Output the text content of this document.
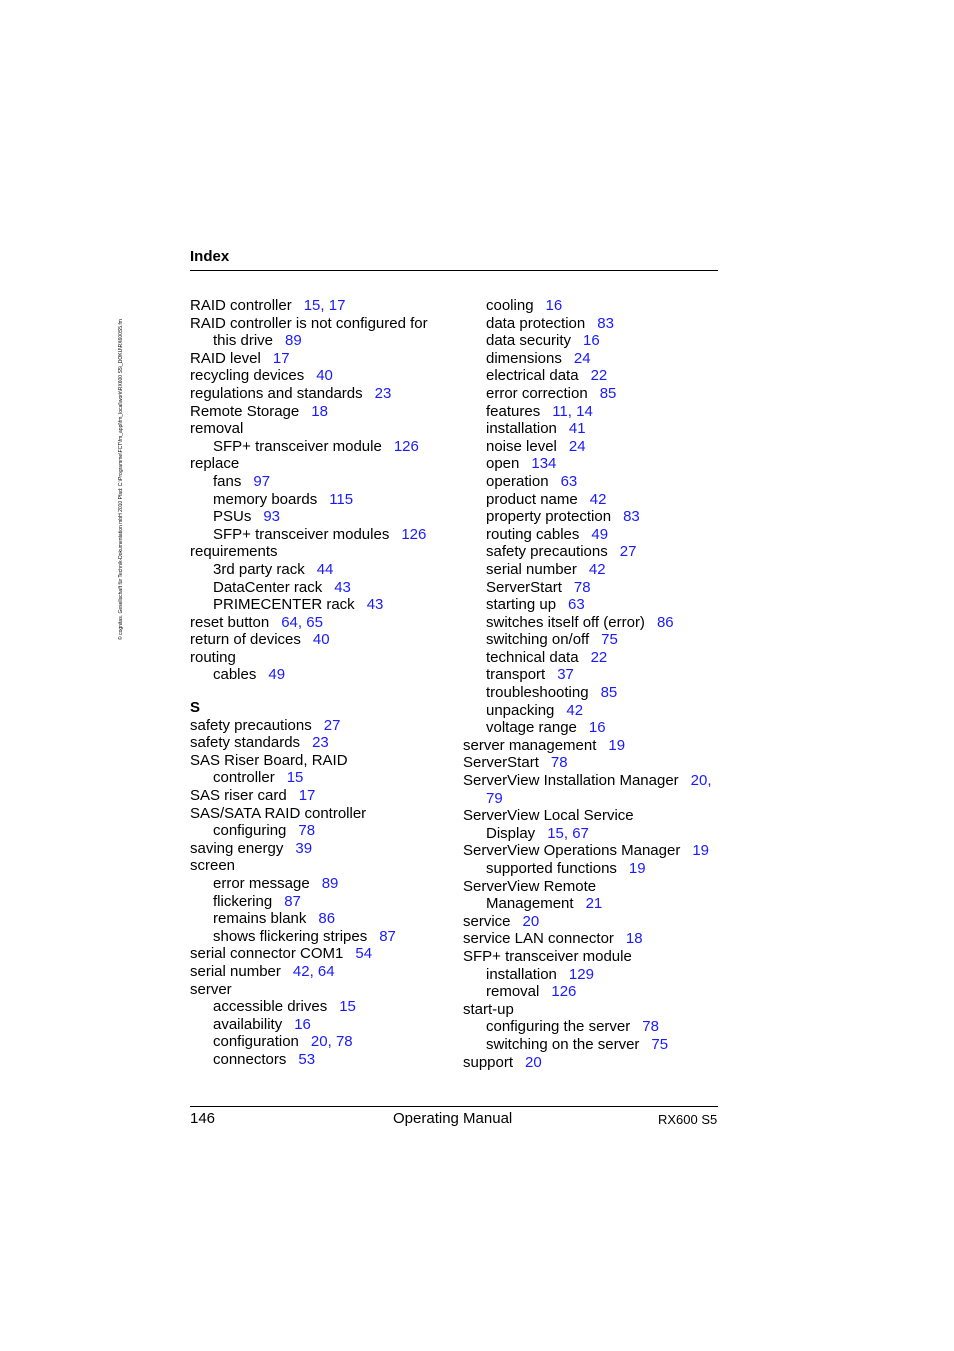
© cognitas. Gesellschaft für Technik-Dokumentation mbH 2010 Pfad: C:\Programme\FCT\fm_appl\fm_local\work\RX600 S5\_DOKU\RX600S5.fm
Index
RAID controller 15 , 17
RAID controller is not configured for
this drive 89
RAID level 17
recycling devices 40
regulations and standards 23
Remote Storage 18
removal
SFP+ transceiver module 126
replace
fans 97
memory boards 115
PSUs 93
SFP+ transceiver modules 126
requirements
3rd party rack 44
DataCenter rack 43
PRIMECENTER rack 43
reset button 64 , 65
return of devices 40
routing
cables 49
S
safety precautions 27
safety standards 23
SAS Riser Board, RAID
controller 15
SAS riser card 17
SAS/SATA RAID controller
configuring 78
saving energy 39
screen
error message 89
flickering 87
remains blank 86
shows flickering stripes 87
serial connector COM1 54
serial number 42 , 64
server
accessible drives 15
availability 16
configuration 20 , 78
connectors 53
cooling 16
data protection 83
data security 16
dimensions 24
electrical data 22
error correction 85
features 11 , 14
installation 41
noise level 24
open 134
operation 63
product name 42
property protection 83
routing cables 49
safety precautions 27
serial number 42
ServerStart 78
starting up 63
switches itself off (error) 86
switching on/off 75
technical data 22
transport 37
troubleshooting 85
unpacking 42
voltage range 16
server management 19
ServerStart 78
ServerView Installation Manager 20,
79
ServerView Local Service
Display 15 , 67
ServerView Operations Manager 19
supported functions 19
ServerView Remote
Management 21
service 20
service LAN connector 18
SFP+ transceiver module
installation 129
removal 126
start-up
configuring the server 78
switching on the server 75
support 20
146	Operating Manual	RX600 S5
